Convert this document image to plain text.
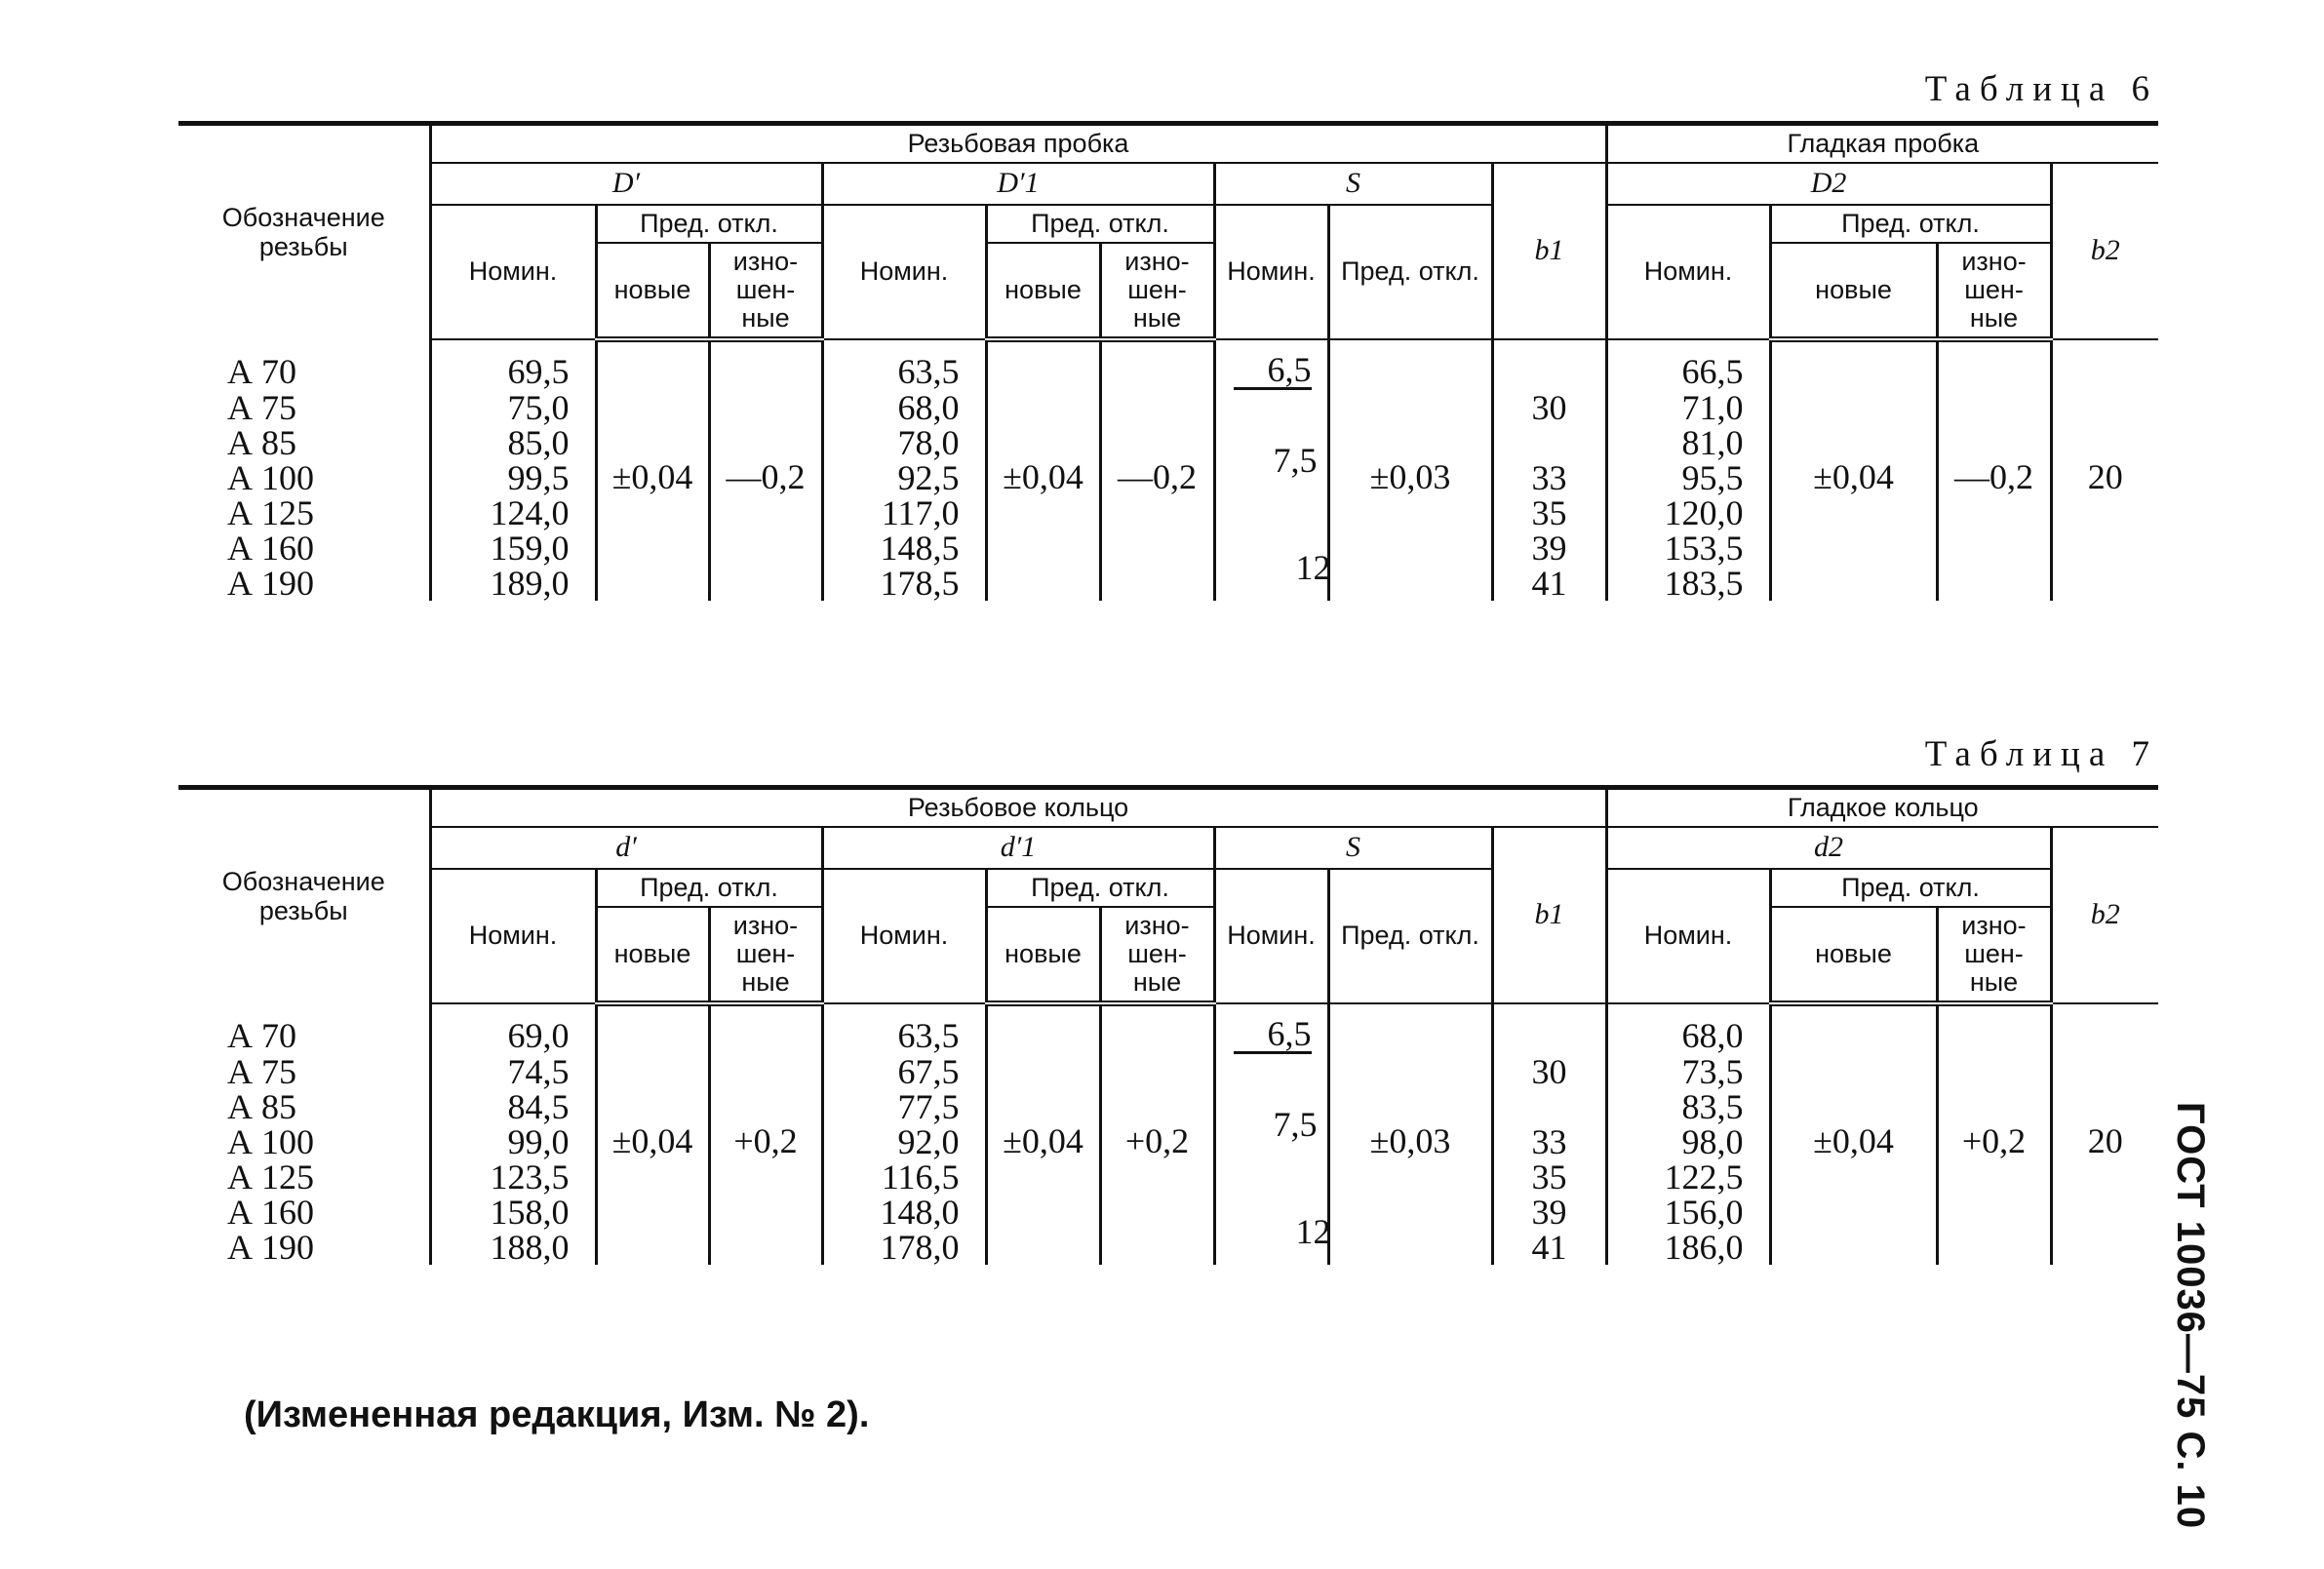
Таблица 6
Обозначение резьбы	Резьбовая пробка									Гладкая пробка			
	D′			D′1			S		b1	D2			b2
	Номин.	Пред. откл.		Номин.	Пред. откл.		Номин.	Пред. откл.		Номин.	Пред. откл.		
		новые	изно- шен- ные		новые	изно- шен- ные					новые	изно- шен- ные	

А 70	69,5	±0,04	—0,2	63,5	±0,04	—0,2	6,5	±0,03		66,5	±0,04	—0,2	20
А 75	75,0			68,0			7,5		30	71,0			
А 85	85,0			78,0						81,0			
А 100	99,5			92,5					33	95,5			
А 125	124,0			117,0					35	120,0			
А 160	159,0			148,5			12		39	153,5			
А 190	189,0			178,5					41	183,5			
Таблица 7
Обозначение резьбы	Резьбовое кольцо									Гладкое кольцо			
	d′			d′1			S		b1	d2			b2
	Номин.	Пред. откл.		Номин.	Пред. откл.		Номин.	Пред. откл.		Номин.	Пред. откл.		
		новые	изно- шен- ные		новые	изно- шен- ные					новые	изно- шен- ные	

А 70	69,0	±0,04	+0,2	63,5	±0,04	+0,2	6,5	±0,03		68,0	±0,04	+0,2	20
А 75	74,5			67,5			7,5		30	73,5			
А 85	84,5			77,5						83,5			
А 100	99,0			92,0					33	98,0			
А 125	123,5			116,5					35	122,5			
А 160	158,0			148,0			12		39	156,0			
А 190	188,0			178,0					41	186,0			
(Измененная редакция, Изм. № 2).	ГОСТ 10036—75 С. 10
